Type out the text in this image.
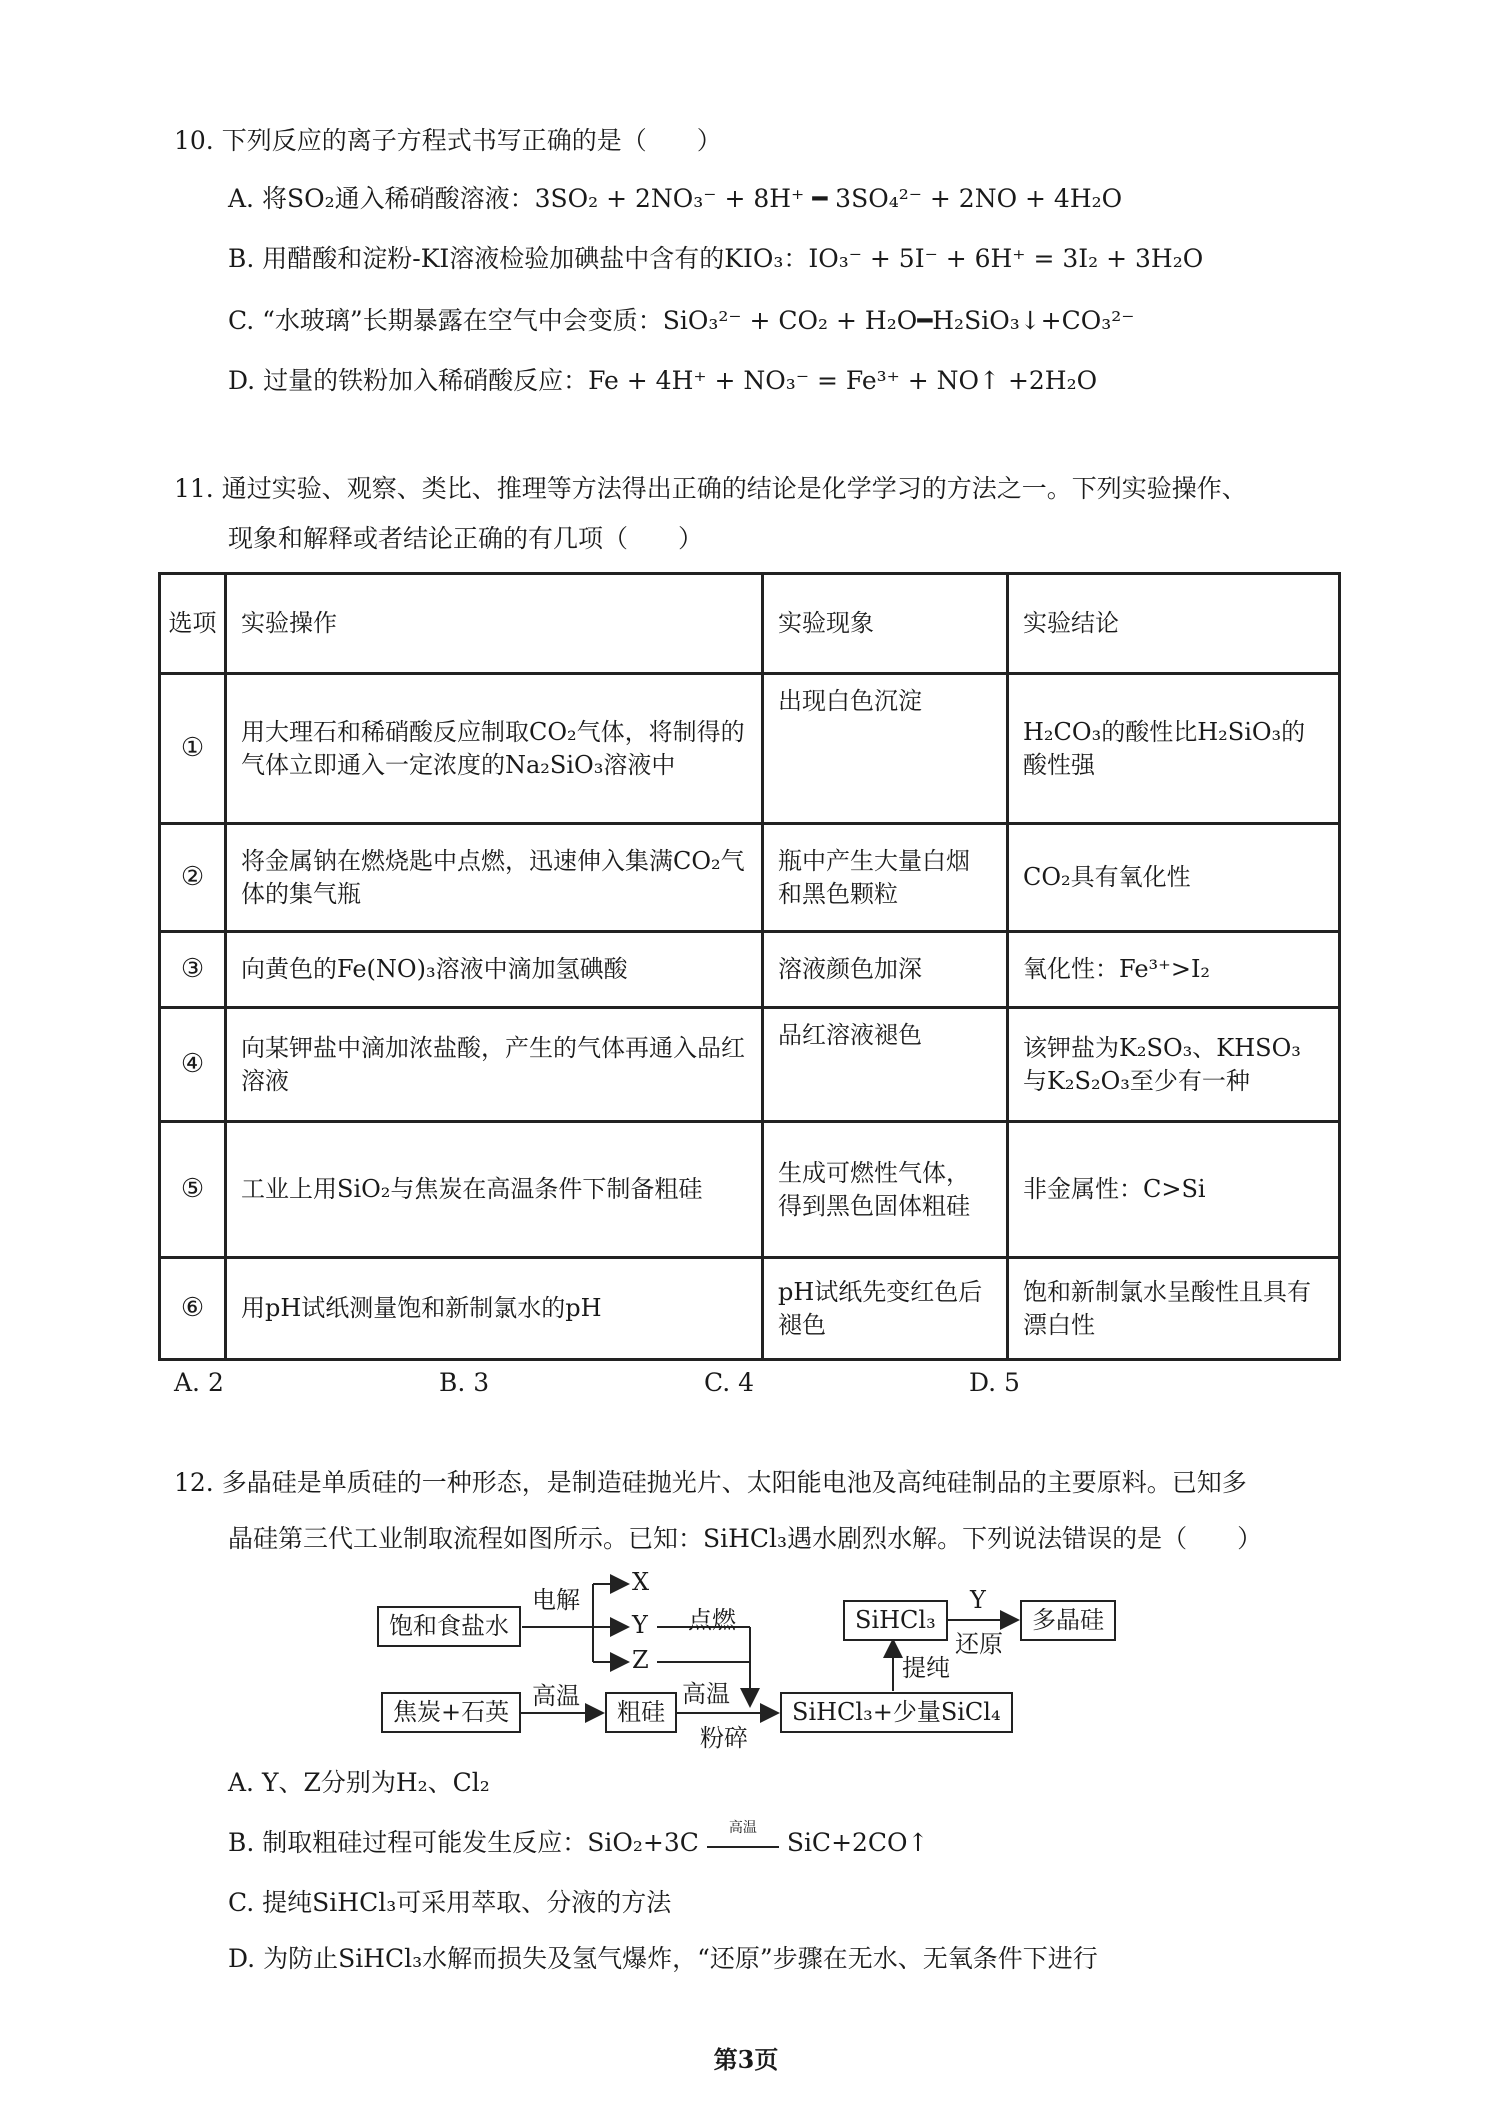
10. 下列反应的离子方程式书写正确的是（　　）
A. 将SO₂通入稀硝酸溶液：3SO₂ + 2NO₃⁻ + 8H⁺ ━ 3SO₄²⁻ + 2NO + 4H₂O
B. 用醋酸和淀粉-KI溶液检验加碘盐中含有的KIO₃：IO₃⁻ + 5I⁻ + 6H⁺ = 3I₂ + 3H₂O
C. “水玻璃”长期暴露在空气中会变质：SiO₃²⁻ + CO₂ + H₂O━H₂SiO₃↓+CO₃²⁻
D. 过量的铁粉加入稀硝酸反应：Fe + 4H⁺ + NO₃⁻ = Fe³⁺ + NO↑ +2H₂O
11. 通过实验、观察、类比、推理等方法得出正确的结论是化学学习的方法之一。下列实验操作、
现象和解释或者结论正确的有几项（　　）
选项	实验操作	实验现象	实验结论
①	用大理石和稀硝酸反应制取CO₂气体，将制得的气体立即通入一定浓度的Na₂SiO₃溶液中	出现白色沉淀	H₂CO₃的酸性比H₂SiO₃的酸性强
②	将金属钠在燃烧匙中点燃，迅速伸入集满CO₂气体的集气瓶	瓶中产生大量白烟和黑色颗粒	CO₂具有氧化性
③	向黄色的Fe(NO)₃溶液中滴加氢碘酸	溶液颜色加深	氧化性：Fe³⁺>I₂
④	向某钾盐中滴加浓盐酸，产生的气体再通入品红溶液	品红溶液褪色	该钾盐为K₂SO₃、KHSO₃与K₂S₂O₃至少有一种
⑤	工业上用SiO₂与焦炭在高温条件下制备粗硅	生成可燃性气体，得到黑色固体粗硅	非金属性：C>Si
⑥	用pH试纸测量饱和新制氯水的pH	pH试纸先变红色后褪色	饱和新制氯水呈酸性且具有漂白性
A. 2	B. 3	C. 4	D. 5
12. 多晶硅是单质硅的一种形态，是制造硅抛光片、太阳能电池及高纯硅制品的主要原料。已知多
晶硅第三代工业制取流程如图所示。已知：SiHCl₃遇水剧烈水解。下列说法错误的是（　　）
饱和食盐水
电解
X
Y
Z
点燃
焦炭+石英
高温
粗硅
高温
粉碎
SiHCl₃+少量SiCl₄
提纯
SiHCl₃
Y
还原
多晶硅
A. Y、Z分别为H₂、Cl₂
B. 制取粗硅过程可能发生反应：SiO₂+3C
高温
SiC+2CO↑
C. 提纯SiHCl₃可采用萃取、分液的方法
D. 为防止SiHCl₃水解而损失及氢气爆炸，“还原”步骤在无水、无氧条件下进行
第3页
